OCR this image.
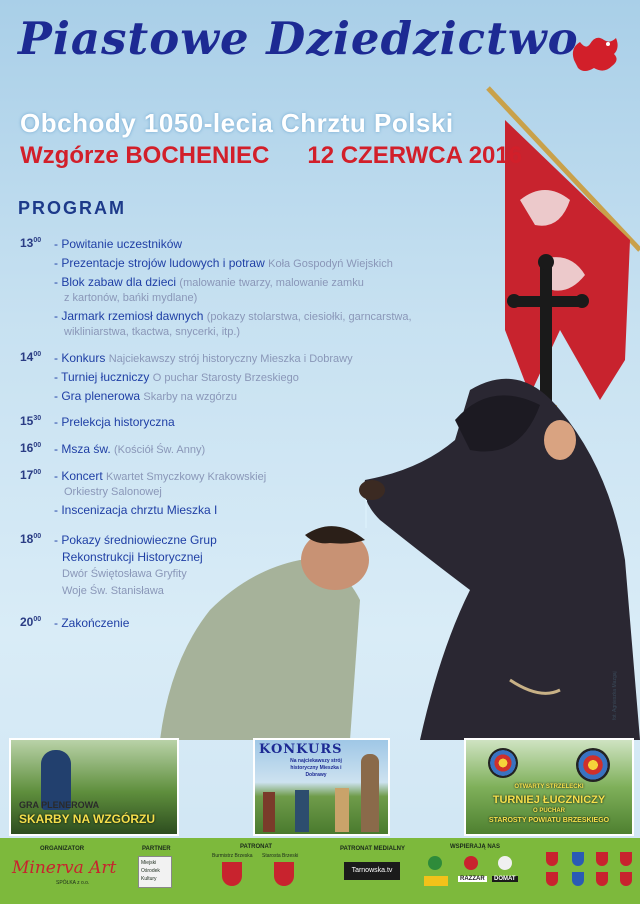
Piastowe Dziedzictwo
Obchody 1050-lecia Chrztu Polski
Wzgórze BOCHENIEC 12 CZERWCA 2016
PROGRAM
$13^{00}$ - Powitanie uczestników
- Prezentacje strojów ludowych i potraw Koła Gospodyń Wiejskich
- Blok zabaw dla dzieci (malowanie twarzy, malowanie zamku
z kartonów, bańki mydlane)
- Jarmark rzemiosł dawnych (pokazy stolarstwa, ciesiołki, garncarstwa,
wikliniarstwa, tkactwa, snycerki, itp.)
$14^{00}$ - Konkurs Najciekawszy strój historyczny Mieszka i Dobrawy
- Turniej łuczniczy O puchar Starosty Brzeskiego
- Gra plenerowa Skarby na wzgórzu
$15^{30}$ - Prelekcja historyczna
$16^{00}$ - Msza św. (Kościół Św. Anny)
$17^{00}$ - Koncert Kwartet Smyczkowy Krakowskiej
Orkiestry Salonowej
- Inscenizacja chrztu Mieszka I
$18^{00}$ - Pokazy średniowieczne Grup
Rekonstrukcji Historycznej
Dwór Świętosława Gryfity
Woje Św. Stanisława
$20^{00}$ - Zakończenie
fot. Agnieszka Mazgaj
GRA PLENEROWA
SKARBY NA WZGÓRZU
KONKURS
Na najciekawszy strój historyczny Mieszka i Dobrawy
OTWARTY STRZELECKI
TURNIEJ ŁUCZNICZY
O PUCHAR
STAROSTY POWIATU BRZESKIEGO
ORGANIZATOR
Minerva Art
SPÓŁKA z o.o.
PARTNER
Miejski
Ośrodek
Kultury
PATRONAT
Burmistrz Brzeska Starosta Brzeski
PATRONAT MEDIALNY
Tarnowska.tv
WSPIERAJĄ NAS
RAZZAR	DOMAT
